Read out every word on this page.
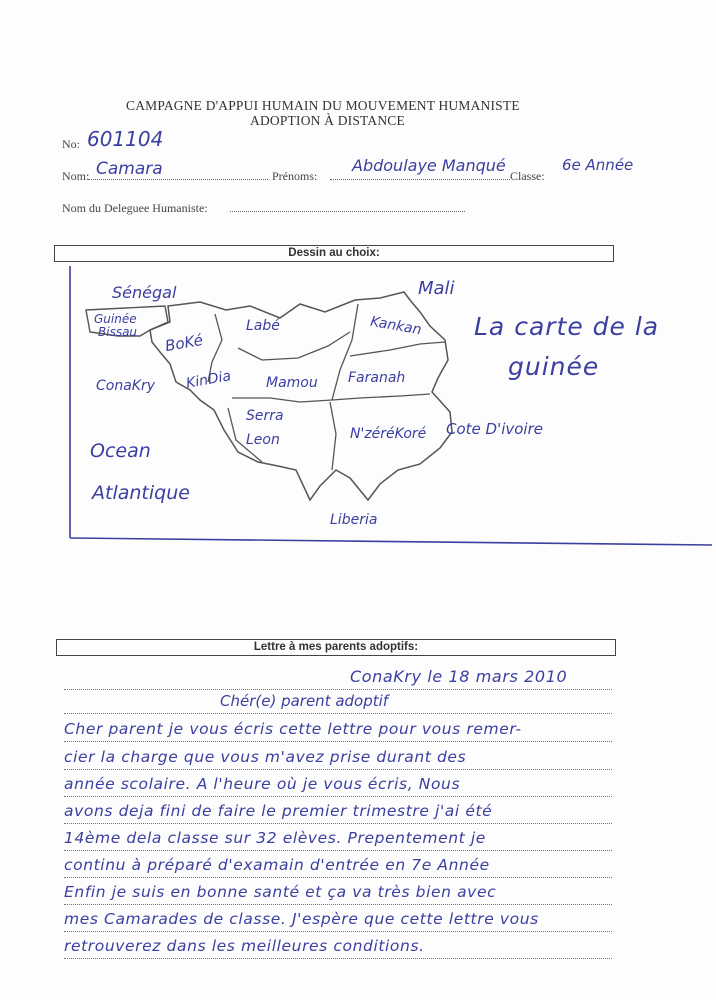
CAMPAGNE D'APPUI HUMAIN DU MOUVEMENT HUMANISTE
ADOPTION À DISTANCE
No: 601104
Nom: Camara	Prénoms:
Abdoulaye Manqué
Classe:
6e Année
Nom du Deleguee Humaniste:
Dessin au choix:
Sénégal	Mali
Guinée
Bissau BoKé
Labé	Kankan
ConaKry KinDia Mamou Faranah
Serra
Leon	N'zéréKoré Cote D'ivoire
Ocean
Atlantique
Liberia
La carte de la
guinée
Lettre à mes parents adoptifs:
ConaKry le 18 mars 2010
Chér(e) parent adoptif
Cher parent je vous écris cette lettre pour vous remer-
cier la charge que vous m'avez prise durant des
année scolaire. A l'heure où je vous écris, Nous
avons deja fini de faire le premier trimestre j'ai été
14ème dela classe sur 32 elèves. Prepentement je
continu à préparé d'examain d'entrée en 7e Année
Enfin je suis en bonne santé et ça va très bien avec
mes Camarades de classe. J'espère que cette lettre vous
retrouverez dans les meilleures conditions.
